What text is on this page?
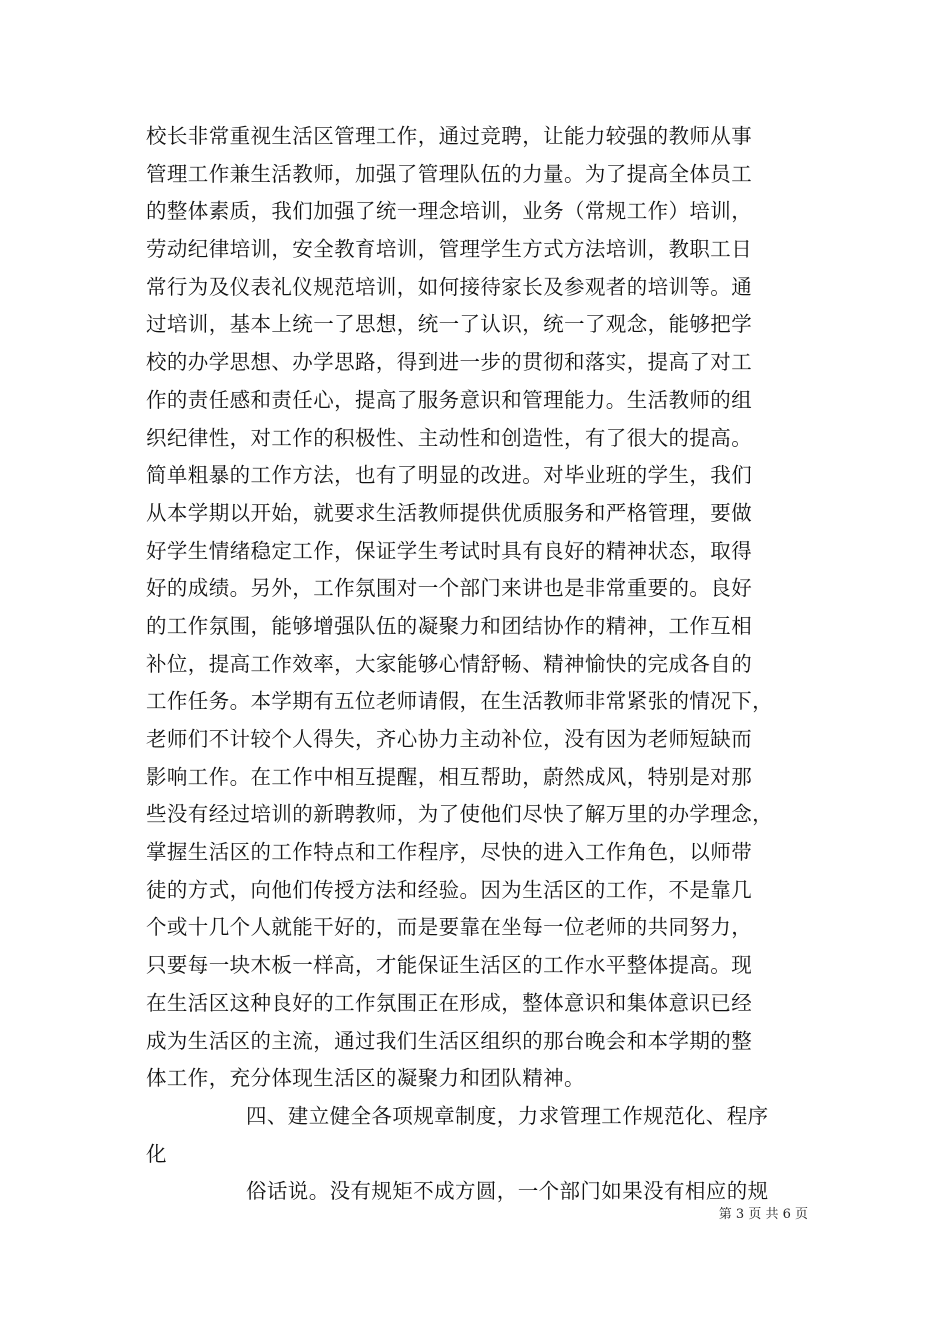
校长非常重视生活区管理工作，通过竞聘，让能力较强的教师从事
管理工作兼生活教师，加强了管理队伍的力量。为了提高全体员工
的整体素质，我们加强了统一理念培训，业务（常规工作）培训，
劳动纪律培训，安全教育培训，管理学生方式方法培训，教职工日
常行为及仪表礼仪规范培训，如何接待家长及参观者的培训等。通
过培训，基本上统一了思想，统一了认识，统一了观念，能够把学
校的办学思想、办学思路，得到进一步的贯彻和落实，提高了对工
作的责任感和责任心，提高了服务意识和管理能力。生活教师的组
织纪律性，对工作的积极性、主动性和创造性，有了很大的提高。
简单粗暴的工作方法，也有了明显的改进。对毕业班的学生，我们
从本学期以开始，就要求生活教师提供优质服务和严格管理，要做
好学生情绪稳定工作，保证学生考试时具有良好的精神状态，取得
好的成绩。另外，工作氛围对一个部门来讲也是非常重要的。良好
的工作氛围，能够增强队伍的凝聚力和团结协作的精神，工作互相
补位，提高工作效率，大家能够心情舒畅、精神愉快的完成各自的
工作任务。本学期有五位老师请假，在生活教师非常紧张的情况下，
老师们不计较个人得失，齐心协力主动补位，没有因为老师短缺而
影响工作。在工作中相互提醒，相互帮助，蔚然成风，特别是对那
些没有经过培训的新聘教师，为了使他们尽快了解万里的办学理念，
掌握生活区的工作特点和工作程序，尽快的进入工作角色，以师带
徒的方式，向他们传授方法和经验。因为生活区的工作，不是靠几
个或十几个人就能干好的，而是要靠在坐每一位老师的共同努力，
只要每一块木板一样高，才能保证生活区的工作水平整体提高。现
在生活区这种良好的工作氛围正在形成，整体意识和集体意识已经
成为生活区的主流，通过我们生活区组织的那台晚会和本学期的整
体工作，充分体现生活区的凝聚力和团队精神。
四、建立健全各项规章制度，力求管理工作规范化、程序
化
俗话说。没有规矩不成方圆，一个部门如果没有相应的规
第 3 页 共 6 页
